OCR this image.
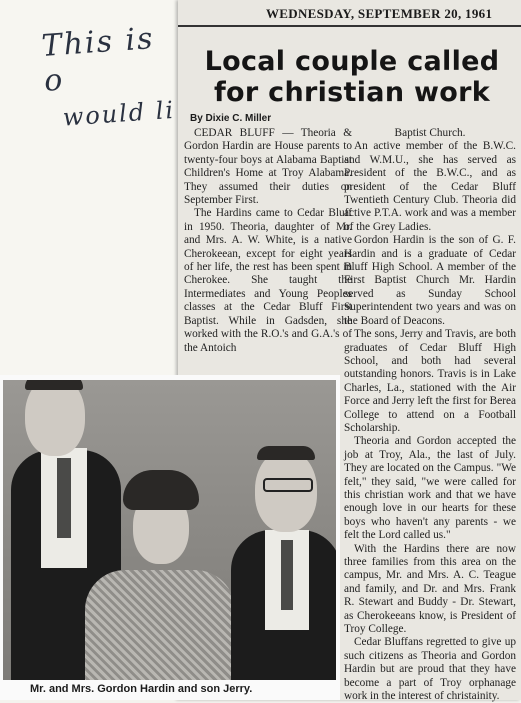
This is o
would li
WEDNESDAY, SEPTEMBER 20, 1961
Local couple called for christian work
By Dixie C. Miller

CEDAR BLUFF — Theoria & Gordon Hardin are House parents to twenty-four boys at Alabama Baptist Children's Home at Troy Alabama. They assumed their duties on September First.

The Hardins came to Cedar Bluff in 1950. Theoria, daughter of Mr. and Mrs. A. W. White, is a native Cherokeean, except for eight years of her life, the rest has been spent in Cherokee. She taught the Intermediates and Young Peoples classes at the Cedar Bluff First Baptist. While in Gadsden, she worked with the R.O.'s and G.A.'s of the Antoich

Baptist Church.

An active member of the B.W.C. and W.M.U., she has served as President of the B.W.C., and as president of the Cedar Bluff Twentieth Century Club. Theoria did active P.T.A. work and was a member of the Grey Ladies.

Gordon Hardin is the son of G. F. Hardin and is a graduate of Cedar Bluff High School. A member of the First Baptist Church Mr. Hardin served as Sunday School Superintendent two years and was on the Board of Deacons.

The sons, Jerry and Travis, are both graduates of Cedar Bluff High School, and both had several outstanding honors. Travis is in Lake Charles, La., stationed with the Air Force and Jerry left the first for Berea College to attend on a Football Scholarship.

Theoria and Gordon accepted the job at Troy, Ala., the last of July. They are located on the Campus. "We felt," they said, "we were called for this christian work and that we have enough love in our hearts for these boys who haven't any parents - we felt the Lord called us."

With the Hardins there are now three families from this area on the campus, Mr. and Mrs. A. C. Teague and family, and Dr. and Mrs. Frank R. Stewart and Buddy - Dr. Stewart, as Cherokeeans know, is President of Troy College.

Cedar Bluffans regretted to give up such citizens as Theoria and Gordon Hardin but are proud that they have become a part of Troy orphanage work in the interest of christainity.

Mr. and Mrs. Gordon Hardin and son Jerry.
